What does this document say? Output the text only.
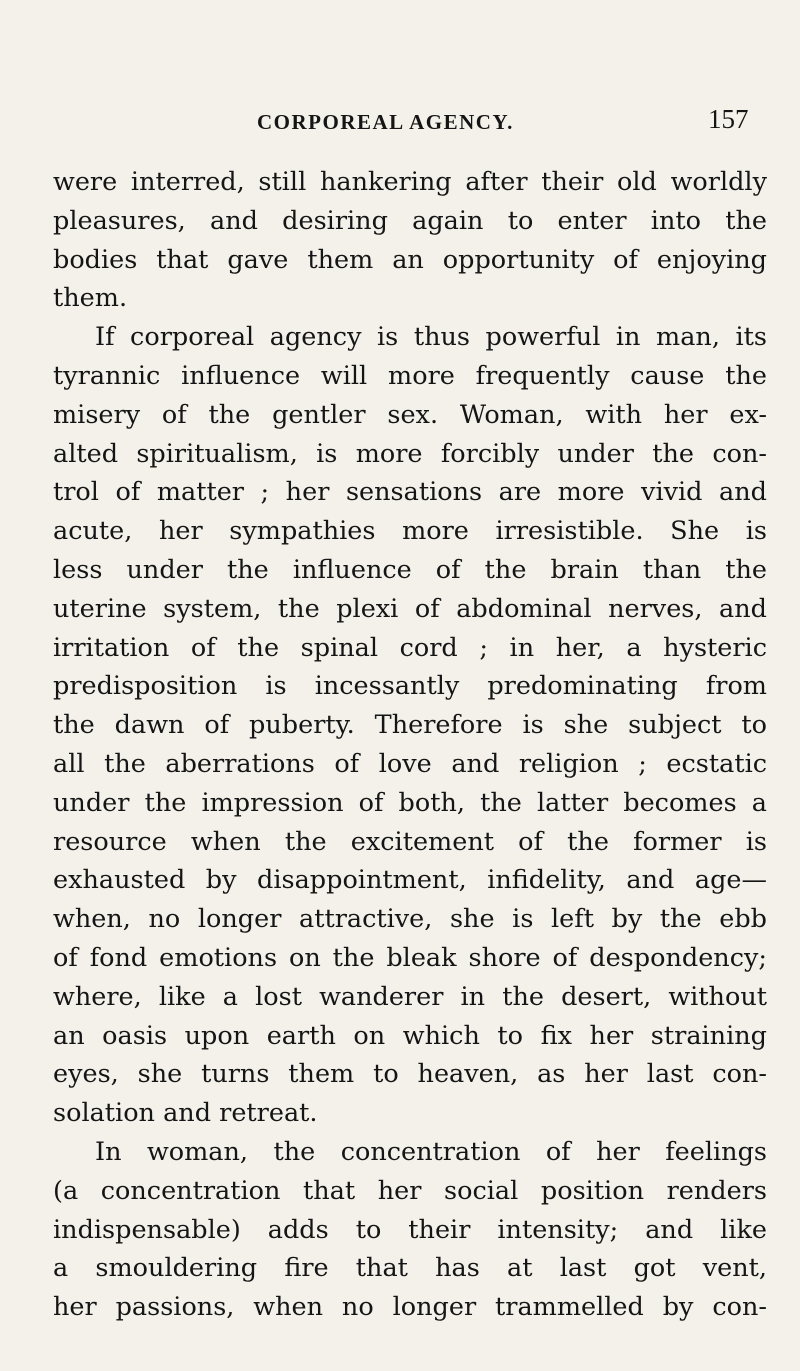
CORPOREAL AGENCY.	157
were interred, still hankering after their old worldly
pleasures, and desiring again to enter into the
bodies that gave them an opportunity of enjoying
them.
If corporeal agency is thus powerful in man, its
tyrannic influence will more frequently cause the
misery of the gentler sex. Woman, with her ex-
alted spiritualism, is more forcibly under the con-
trol of matter ; her sensations are more vivid and
acute, her sympathies more irresistible. She is
less under the influence of the brain than the
uterine system, the plexi of abdominal nerves, and
irritation of the spinal cord ; in her, a hysteric
predisposition is incessantly predominating from
the dawn of puberty. Therefore is she subject to
all the aberrations of love and religion ; ecstatic
under the impression of both, the latter becomes a
resource when the excitement of the former is
exhausted by disappointment, infidelity, and age—
when, no longer attractive, she is left by the ebb
of fond emotions on the bleak shore of despondency;
where, like a lost wanderer in the desert, without
an oasis upon earth on which to fix her straining
eyes, she turns them to heaven, as her last con-
solation and retreat.
In woman, the concentration of her feelings
(a concentration that her social position renders
indispensable) adds to their intensity; and like
a smouldering fire that has at last got vent,
her passions, when no longer trammelled by con-
